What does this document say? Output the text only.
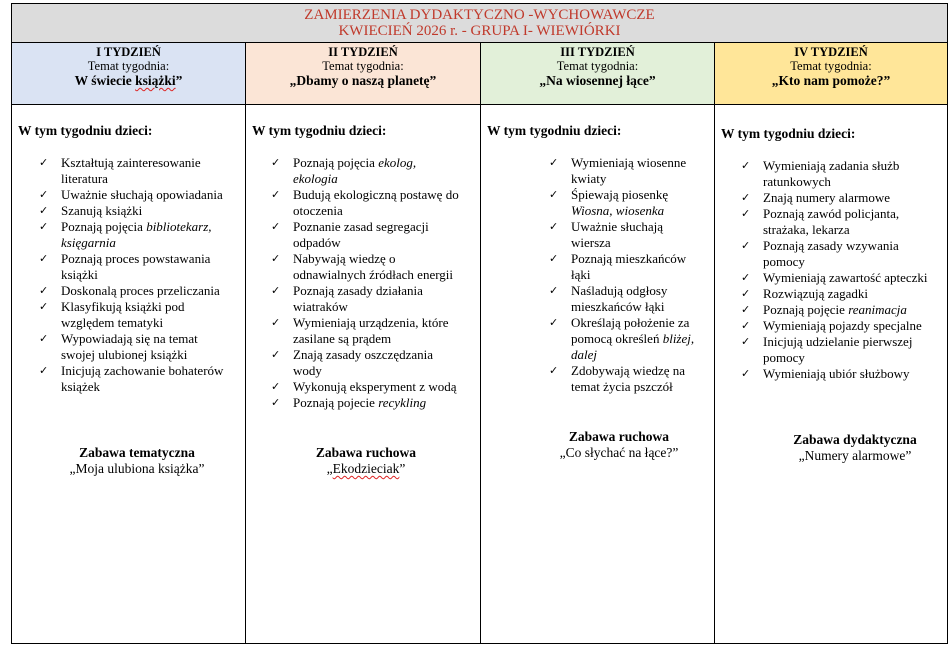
ZAMIERZENIA DYDAKTYCZNO -WYCHOWAWCZE
KWIECIEŃ 2026 r. - GRUPA I- WIEWIÓRKI
I TYDZIEŃ
Temat tygodnia:
W świecie książki”
II TYDZIEŃ
Temat tygodnia:
„Dbamy o naszą planetę”
III TYDZIEŃ
Temat tygodnia:
„Na wiosennej łące”
IV TYDZIEŃ
Temat tygodnia:
„Kto nam pomoże?”
W tym tygodniu dzieci:
✓ Kształtują zainteresowanie
literatura
✓ Uważnie słuchają opowiadania
✓ Szanują książki
✓ Poznają pojęcia bibliotekarz,
księgarnia
✓ Poznają proces powstawania
książki
✓ Doskonalą proces przeliczania
✓ Klasyfikują książki pod
względem tematyki
✓ Wypowiadają się na temat
swojej ulubionej książki
✓ Inicjują zachowanie bohaterów
książek
Zabawa tematyczna
„Moja ulubiona książka”
W tym tygodniu dzieci:
✓ Poznają pojęcia ekolog,
ekologia
✓ Budują ekologiczną postawę do
otoczenia
✓ Poznanie zasad segregacji
odpadów
✓ Nabywają wiedzę o
odnawialnych źródłach energii
✓ Poznają zasady działania
wiatraków
✓ Wymieniają urządzenia, które
zasilane są prądem
✓ Znają zasady oszczędzania
wody
✓ Wykonują eksperyment z wodą
✓ Poznają pojecie recykling
Zabawa ruchowa
„Ekodzieciak”
W tym tygodniu dzieci:
✓ Wymieniają wiosenne
kwiaty
✓ Śpiewają piosenkę
Wiosna, wiosenka
✓ Uważnie słuchają
wiersza
✓ Poznają mieszkańców
łąki
✓ Naśladują odgłosy
mieszkańców łąki
✓ Określają położenie za
pomocą określeń bliżej,
dalej
✓ Zdobywają wiedzę na
temat życia pszczół
Zabawa ruchowa
„Co słychać na łące?”
W tym tygodniu dzieci:
✓ Wymieniają zadania służb
ratunkowych
✓ Znają numery alarmowe
✓ Poznają zawód policjanta,
strażaka, lekarza
✓ Poznają zasady wzywania
pomocy
✓ Wymieniają zawartość apteczki
✓ Rozwiązują zagadki
✓ Poznają pojęcie reanimacja
✓ Wymieniają pojazdy specjalne
✓ Inicjują udzielanie pierwszej
pomocy
✓ Wymieniają ubiór służbowy
Zabawa dydaktyczna
„Numery alarmowe”
